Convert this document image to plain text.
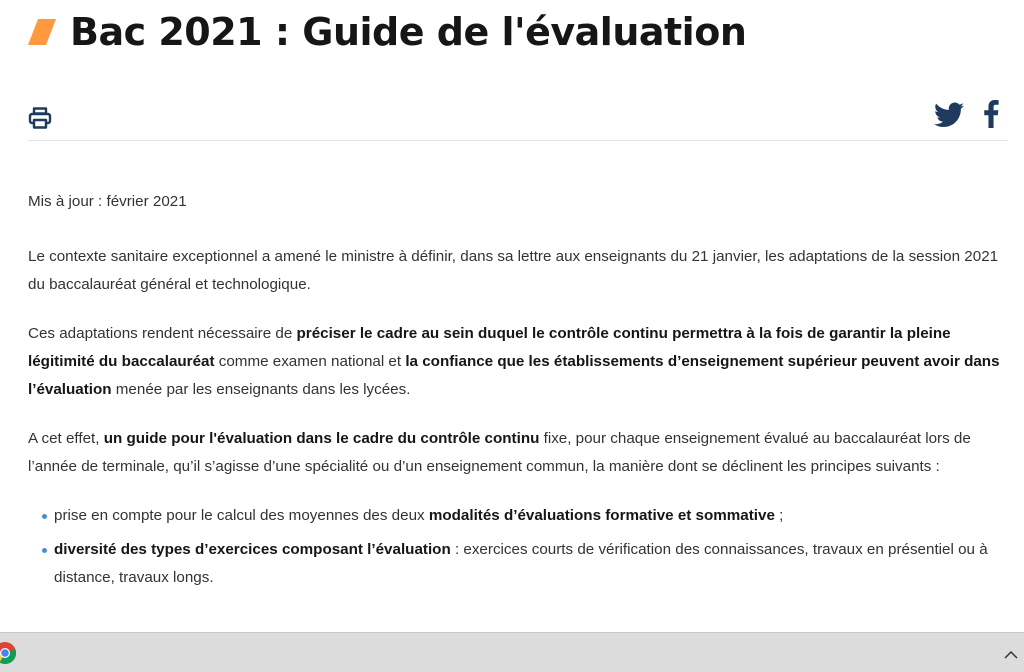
Bac 2021 : Guide de l'évaluation

Mis à jour : février 2021

Le contexte sanitaire exceptionnel a amené le ministre à définir, dans sa lettre aux enseignants du 21 janvier, les adaptations de la session 2021 du baccalauréat général et technologique.

Ces adaptations rendent nécessaire de préciser le cadre au sein duquel le contrôle continu permettra à la fois de garantir la pleine légitimité du baccalauréat comme examen national et la confiance que les établissements d’enseignement supérieur peuvent avoir dans l’évaluation menée par les enseignants dans les lycées.

A cet effet, un guide pour l'évaluation dans le cadre du contrôle continu fixe, pour chaque enseignement évalué au baccalauréat lors de l’année de terminale, qu’il s’agisse d’une spécialité ou d’un enseignement commun, la manière dont se déclinent les principes suivants :

prise en compte pour le calcul des moyennes des deux modalités d’évaluations formative et sommative ;
diversité des types d’exercices composant l’évaluation : exercices courts de vérification des connaissances, travaux en présentiel ou à distance, travaux longs.
